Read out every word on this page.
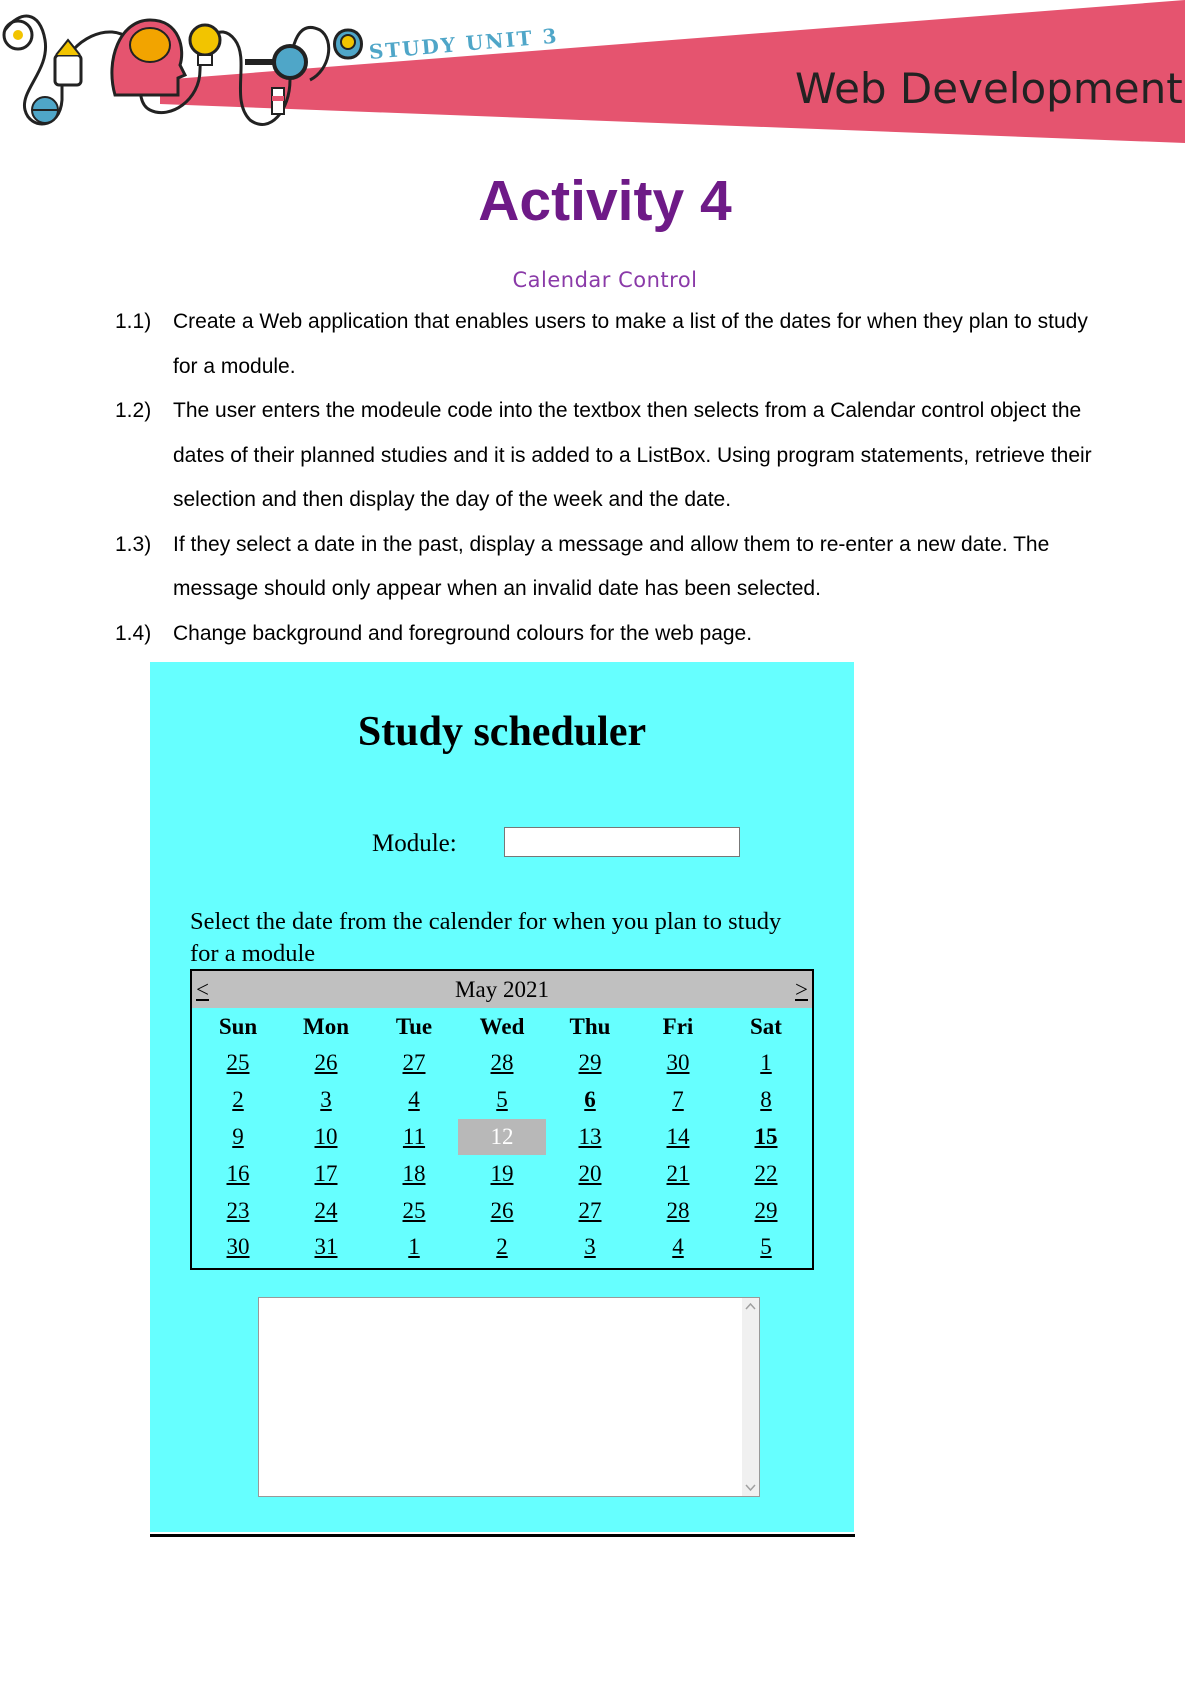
STUDY UNIT 3
Web Development
Activity 4
Calendar Control
1.1)	Create a Web application that enables users to make a list of the dates for when they plan to study for a module.
1.2)	The user enters the modeule code into the textbox then selects from a Calendar control object the dates of their planned studies and it is added to a ListBox. Using program statements, retrieve their selection and then display the day of the week and the date.
1.3)	If they select a date in the past, display a message and allow them to re-enter a new date. The message should only appear when an invalid date has been selected.
1.4)	Change background and foreground colours for the web page.
Study scheduler
Module:
Select the date from the calender for when you plan to study for a module
<	May 2021	>
Sun	Mon	Tue	Wed	Thu	Fri	Sat
25	26	27	28	29	30	1
2	3	4	5	6	7	8
9	10	11	12	13	14	15
16	17	18	19	20	21	22
23	24	25	26	27	28	29
30	31	1	2	3	4	5
